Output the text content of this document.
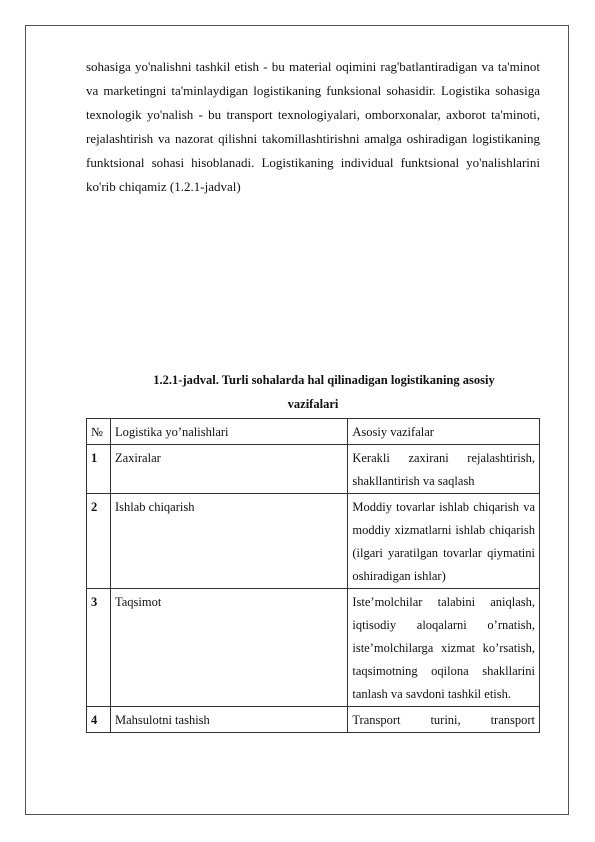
sohasiga yo'nalishni tashkil etish - bu material oqimini rag'batlantiradigan va ta'minot va marketingni ta'minlaydigan logistikaning funksional sohasidir. Logistika sohasiga texnologik yo'nalish - bu transport texnologiyalari, omborxonalar, axborot ta'minoti, rejalashtirish va nazorat qilishni takomillashtirishni amalga oshiradigan logistikaning funktsional sohasi hisoblanadi. Logistikaning individual funktsional yo'nalishlarini ko'rib chiqamiz (1.2.1-jadval)

1.2.1-jadval. Turli sohalarda hal qilinadigan logistikaning asosiy
vazifalari
№	Logistika yo’nalishlari	Asosiy vazifalar
1	Zaxiralar	Kerakli zaxirani rejalashtirish, shakllantirish va saqlash
2	Ishlab chiqarish	Moddiy tovarlar ishlab chiqarish va moddiy xizmatlarni ishlab chiqarish (ilgari yaratilgan tovarlar qiymatini oshiradigan ishlar)
3	Taqsimot	Iste’molchilar talabini aniqlash, iqtisodiy aloqalarni o’rnatish, iste’molchilarga xizmat ko’rsatish, taqsimotning oqilona shakllarini tanlash va savdoni tashkil etish.
4	Mahsulotni tashish	Transport turini, transport
